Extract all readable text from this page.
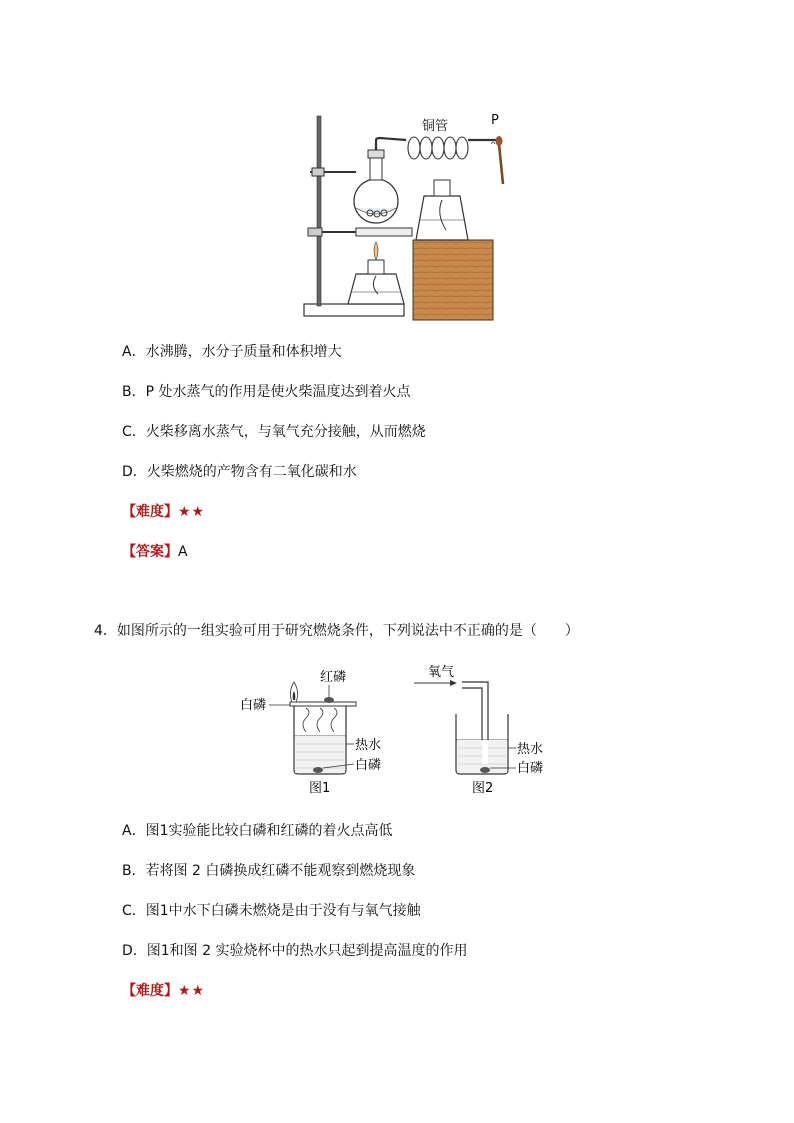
铜管	P
A．水沸腾，水分子质量和体积增大
B．P 处水蒸气的作用是使火柴温度达到着火点
C．火柴移离水蒸气，与氧气充分接触，从而燃烧
D．火柴燃烧的产物含有二氧化碳和水
【难度】★★
【答案】A
4．如图所示的一组实验可用于研究燃烧条件，下列说法中不正确的是（　　）
红磷
白磷
热水
白磷
图1
氧气
热水
白磷
图2
A．图1实验能比较白磷和红磷的着火点高低
B．若将图 2 白磷换成红磷不能观察到燃烧现象
C．图1中水下白磷未燃烧是由于没有与氧气接触
D．图1和图 2 实验烧杯中的热水只起到提高温度的作用
【难度】★★
